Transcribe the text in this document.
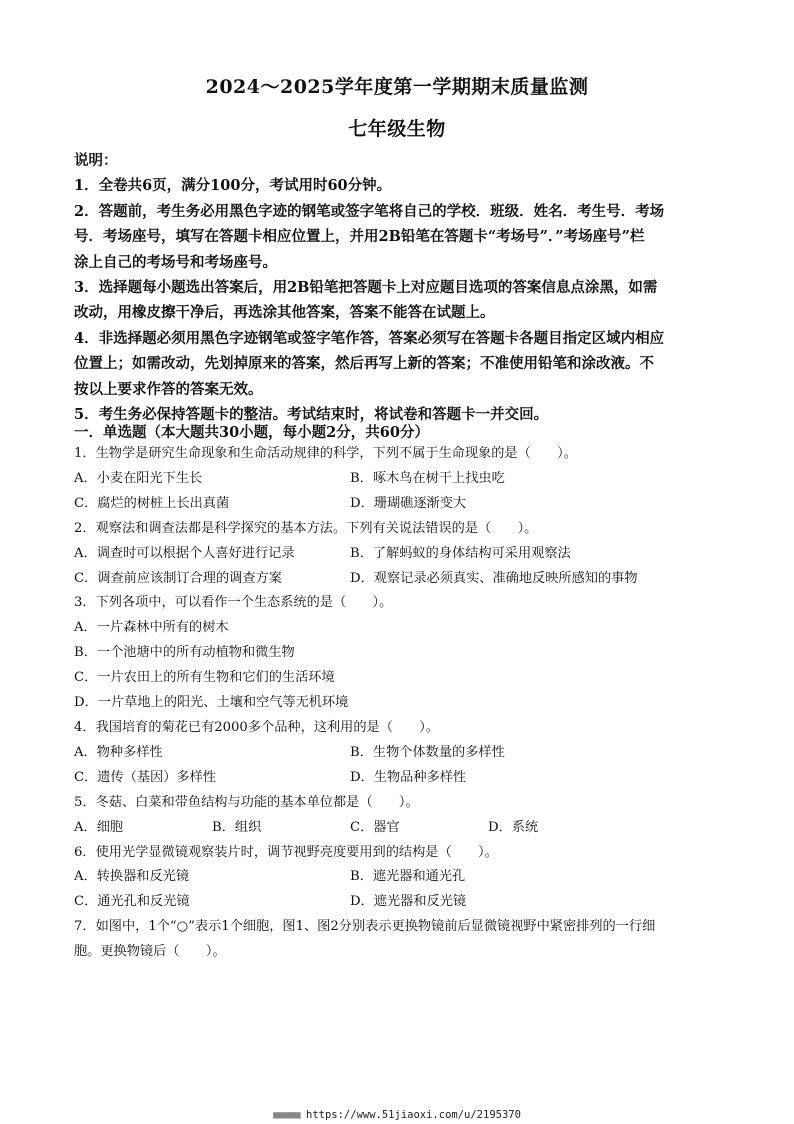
2024～2025学年度第一学期期末质量监测
七年级生物

说明：

1．全卷共6页，满分100分，考试用时60分钟。

2．答题前，考生务必用黑色字迹的钢笔或签字笔将自己的学校．班级．姓名．考生号．考场

号．考场座号，填写在答题卡相应位置上，并用2B铅笔在答题卡“考场号”．”考场座号”栏

涂上自己的考场号和考场座号。

3．选择题每小题选出答案后，用2B铅笔把答题卡上对应题目选项的答案信息点涂黑，如需

改动，用橡皮擦干净后，再选涂其他答案，答案不能答在试题上。

4．非选择题必须用黑色字迹钢笔或签字笔作答，答案必须写在答题卡各题目指定区域内相应

位置上；如需改动，先划掉原来的答案，然后再写上新的答案；不准使用铅笔和涂改液。不

按以上要求作答的答案无效。

5．考生务必保持答题卡的整洁。考试结束时，将试卷和答题卡一并交回。

一．单选题（本大题共30小题，每小题2分，共60分）

1．生物学是研究生命现象和生命活动规律的科学，下列不属于生命现象的是（　　）。

A．小麦在阳光下生长	B．啄木鸟在树干上找虫吃
C．腐烂的树桩上长出真菌	D．珊瑚礁逐渐变大

2．观察法和调查法都是科学探究的基本方法。下列有关说法错误的是（　　）。

A．调查时可以根据个人喜好进行记录	B．了解蚂蚁的身体结构可采用观察法
C．调查前应该制订合理的调查方案	D．观察记录必须真实、准确地反映所感知的事物

3．下列各项中，可以看作一个生态系统的是（　　）。

A．一片森林中所有的树木

B．一个池塘中的所有动植物和微生物

C．一片农田上的所有生物和它们的生活环境

D．一片草地上的阳光、土壤和空气等无机环境

4．我国培育的菊花已有2000多个品种，这利用的是（　　）。

A．物种多样性	B．生物个体数量的多样性
C．遗传（基因）多样性	D．生物品种多样性

5．冬菇、白菜和带鱼结构与功能的基本单位都是（　　）。

A．细胞	B．组织	C．器官	D．系统

6．使用光学显微镜观察装片时，调节视野亮度要用到的结构是（　　）。

A．转换器和反光镜	B．遮光器和通光孔
C．通光孔和反光镜	D．遮光器和反光镜

7．如图中，1个“○”表示1个细胞，图1、图2分别表示更换物镜前后显微镜视野中紧密排列的一行细

胞。更换物镜后（　　）。

■■■■■ https://www.51jiaoxi.com/u/2195370
